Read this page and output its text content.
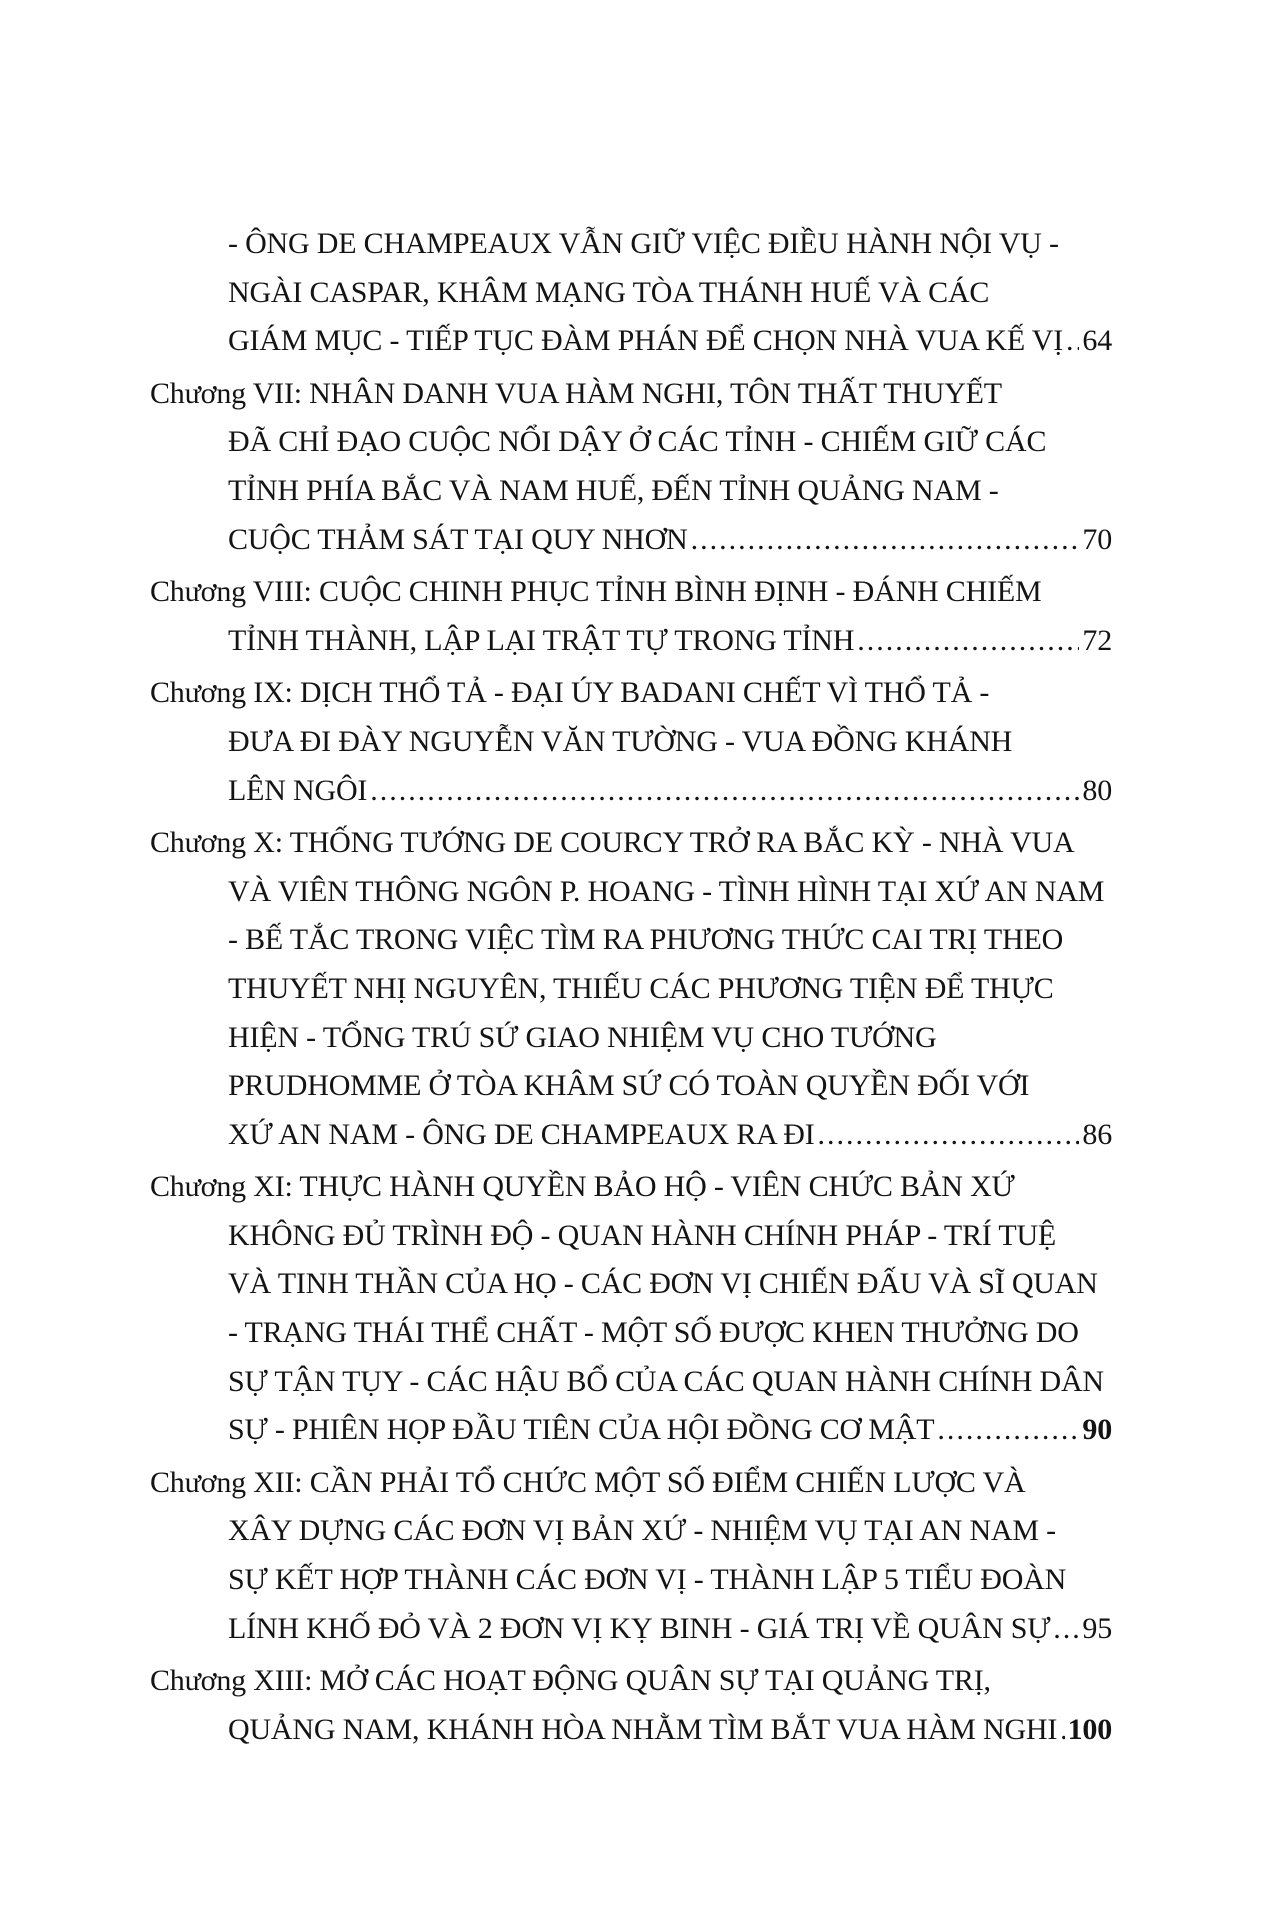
- ÔNG DE CHAMPEAUX VẪN GIỮ VIỆC ĐIỀU HÀNH NỘI VỤ -
NGÀI CASPAR, KHÂM MẠNG TÒA THÁNH HUẾ VÀ CÁC
GIÁM MỤC - TIẾP TỤC ĐÀM PHÁN ĐỂ CHỌN NHÀ VUA KẾ VỊ ..... 64
Chương VII: NHÂN DANH VUA HÀM NGHI, TÔN THẤT THUYẾT
ĐÃ CHỈ ĐẠO CUỘC NỔI DẬY Ở CÁC TỈNH - CHIẾM GIỮ CÁC
TỈNH PHÍA BẮC VÀ NAM HUẾ, ĐẾN TỈNH QUẢNG NAM -
CUỘC THẢM SÁT TẠI QUY NHƠN .....	70
Chương VIII: CUỘC CHINH PHỤC TỈNH BÌNH ĐỊNH - ĐÁNH CHIẾM
TỈNH THÀNH, LẬP LẠI TRẬT TỰ TRONG TỈNH .....	72
Chương IX: DỊCH THỔ TẢ - ĐẠI ÚY BADANI CHẾT VÌ THỔ TẢ -
ĐƯA ĐI ĐÀY NGUYỄN VĂN TƯỜNG - VUA ĐỒNG KHÁNH
LÊN NGÔI .....	80
Chương X: THỐNG TƯỚNG DE COURCY TRỞ RA BẮC KỲ - NHÀ VUA
VÀ VIÊN THÔNG NGÔN P. HOANG - TÌNH HÌNH TẠI XỨ AN NAM
- BẾ TẮC TRONG VIỆC TÌM RA PHƯƠNG THỨC CAI TRỊ THEO
THUYẾT NHỊ NGUYÊN, THIẾU CÁC PHƯƠNG TIỆN ĐỂ THỰC
HIỆN - TỔNG TRÚ SỨ GIAO NHIỆM VỤ CHO TƯỚNG
PRUDHOMME Ở TÒA KHÂM SỨ CÓ TOÀN QUYỀN ĐỐI VỚI
XỨ AN NAM - ÔNG DE CHAMPEAUX RA ĐI .....	86
Chương XI: THỰC HÀNH QUYỀN BẢO HỘ - VIÊN CHỨC BẢN XỨ
KHÔNG ĐỦ TRÌNH ĐỘ - QUAN HÀNH CHÍNH PHÁP - TRÍ TUỆ
VÀ TINH THẦN CỦA HỌ - CÁC ĐƠN VỊ CHIẾN ĐẤU VÀ SĨ QUAN
- TRẠNG THÁI THỂ CHẤT - MỘT SỐ ĐƯỢC KHEN THƯỞNG DO
SỰ TẬN TỤY - CÁC HẬU BỔ CỦA CÁC QUAN HÀNH CHÍNH DÂN
SỰ - PHIÊN HỌP ĐẦU TIÊN CỦA HỘI ĐỒNG CƠ MẬT .....	90
Chương XII: CẦN PHẢI TỔ CHỨC MỘT SỐ ĐIỂM CHIẾN LƯỢC VÀ
XÂY DỰNG CÁC ĐƠN VỊ BẢN XỨ - NHIỆM VỤ TẠI AN NAM -
SỰ KẾT HỢP THÀNH CÁC ĐƠN VỊ - THÀNH LẬP 5 TIỂU ĐOÀN
LÍNH KHỐ ĐỎ VÀ 2 ĐƠN VỊ KỴ BINH - GIÁ TRỊ VỀ QUÂN SỰ ..... 95
Chương XIII: MỞ CÁC HOẠT ĐỘNG QUÂN SỰ TẠI QUẢNG TRỊ,
QUẢNG NAM, KHÁNH HÒA NHẰM TÌM BẮT VUA HÀM NGHI ..... 100
